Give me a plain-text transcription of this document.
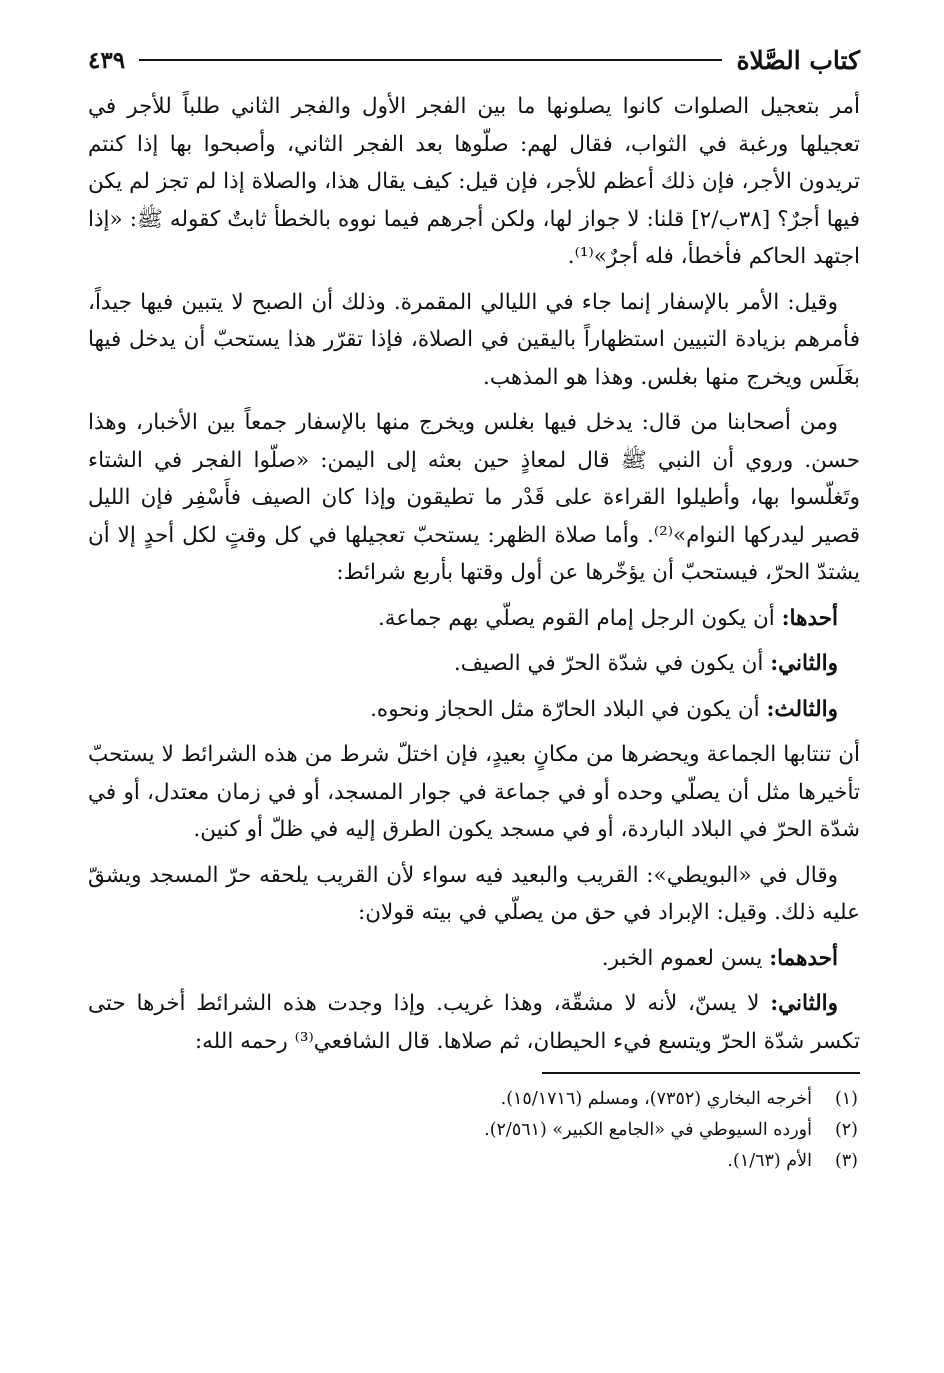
كتاب الصَّلاة
٤٣٩

أمر بتعجيل الصلوات كانوا يصلونها ما بين الفجر الأول والفجر الثاني طلباً للأجر في تعجيلها ورغبة في الثواب، فقال لهم: صلّوها بعد الفجر الثاني، وأصبحوا بها إذا كنتم تريدون الأجر، فإن ذلك أعظم للأجر، فإن قيل: كيف يقال هذا، والصلاة إذا لم تجز لم يكن فيها أجرٌ؟ [٣٨ب/٢] قلنا: لا جواز لها، ولكن أجرهم فيما نووه بالخطأ ثابتٌ كقوله ﷺ: «إذا اجتهد الحاكم فأخطأ، فله أجرٌ»⁽¹⁾.

وقيل: الأمر بالإسفار إنما جاء في الليالي المقمرة. وذلك أن الصبح لا يتبين فيها جيداً، فأمرهم بزيادة التبيين استظهاراً باليقين في الصلاة، فإذا تقرّر هذا يستحبّ أن يدخل فيها بغَلَس ويخرج منها بغلس. وهذا هو المذهب.

ومن أصحابنا من قال: يدخل فيها بغلس ويخرج منها بالإسفار جمعاً بين الأخبار، وهذا حسن. وروي أن النبي ﷺ قال لمعاذٍ حين بعثه إلى اليمن: «صلّوا الفجر في الشتاء وتَغلّسوا بها، وأطيلوا القراءة على قَدْر ما تطيقون وإذا كان الصيف فأَسْفِر فإن الليل قصير ليدركها النوام»⁽²⁾. وأما صلاة الظهر: يستحبّ تعجيلها في كل وقتٍ لكل أحدٍ إلا أن يشتدّ الحرّ، فيستحبّ أن يؤخّرها عن أول وقتها بأربع شرائط:

أحدها: أن يكون الرجل إمام القوم يصلّي بهم جماعة.

والثاني: أن يكون في شدّة الحرّ في الصيف.

والثالث: أن يكون في البلاد الحارّة مثل الحجاز ونحوه.

أن تنتابها الجماعة ويحضرها من مكانٍ بعيدٍ، فإن اختلّ شرط من هذه الشرائط لا يستحبّ تأخيرها مثل أن يصلّي وحده أو في جماعة في جوار المسجد، أو في زمان معتدل، أو في شدّة الحرّ في البلاد الباردة، أو في مسجد يكون الطرق إليه في ظلّ أو كنين.

وقال في «البويطي»: القريب والبعيد فيه سواء لأن القريب يلحقه حرّ المسجد ويشقّ عليه ذلك. وقيل: الإبراد في حق من يصلّي في بيته قولان:

أحدهما: يسن لعموم الخبر.

والثاني: لا يسنّ، لأنه لا مشقّة، وهذا غريب. وإذا وجدت هذه الشرائط أخرها حتى تكسر شدّة الحرّ ويتسع فيء الحيطان، ثم صلاها. قال الشافعي⁽³⁾ رحمه الله:

(١)
أخرجه البخاري (٧٣٥٢)، ومسلم (١٥/١٧١٦).
(٢)
أورده السيوطي في «الجامع الكبير» (٢/٥٦١).
(٣)
الأم (١/٦٣).
